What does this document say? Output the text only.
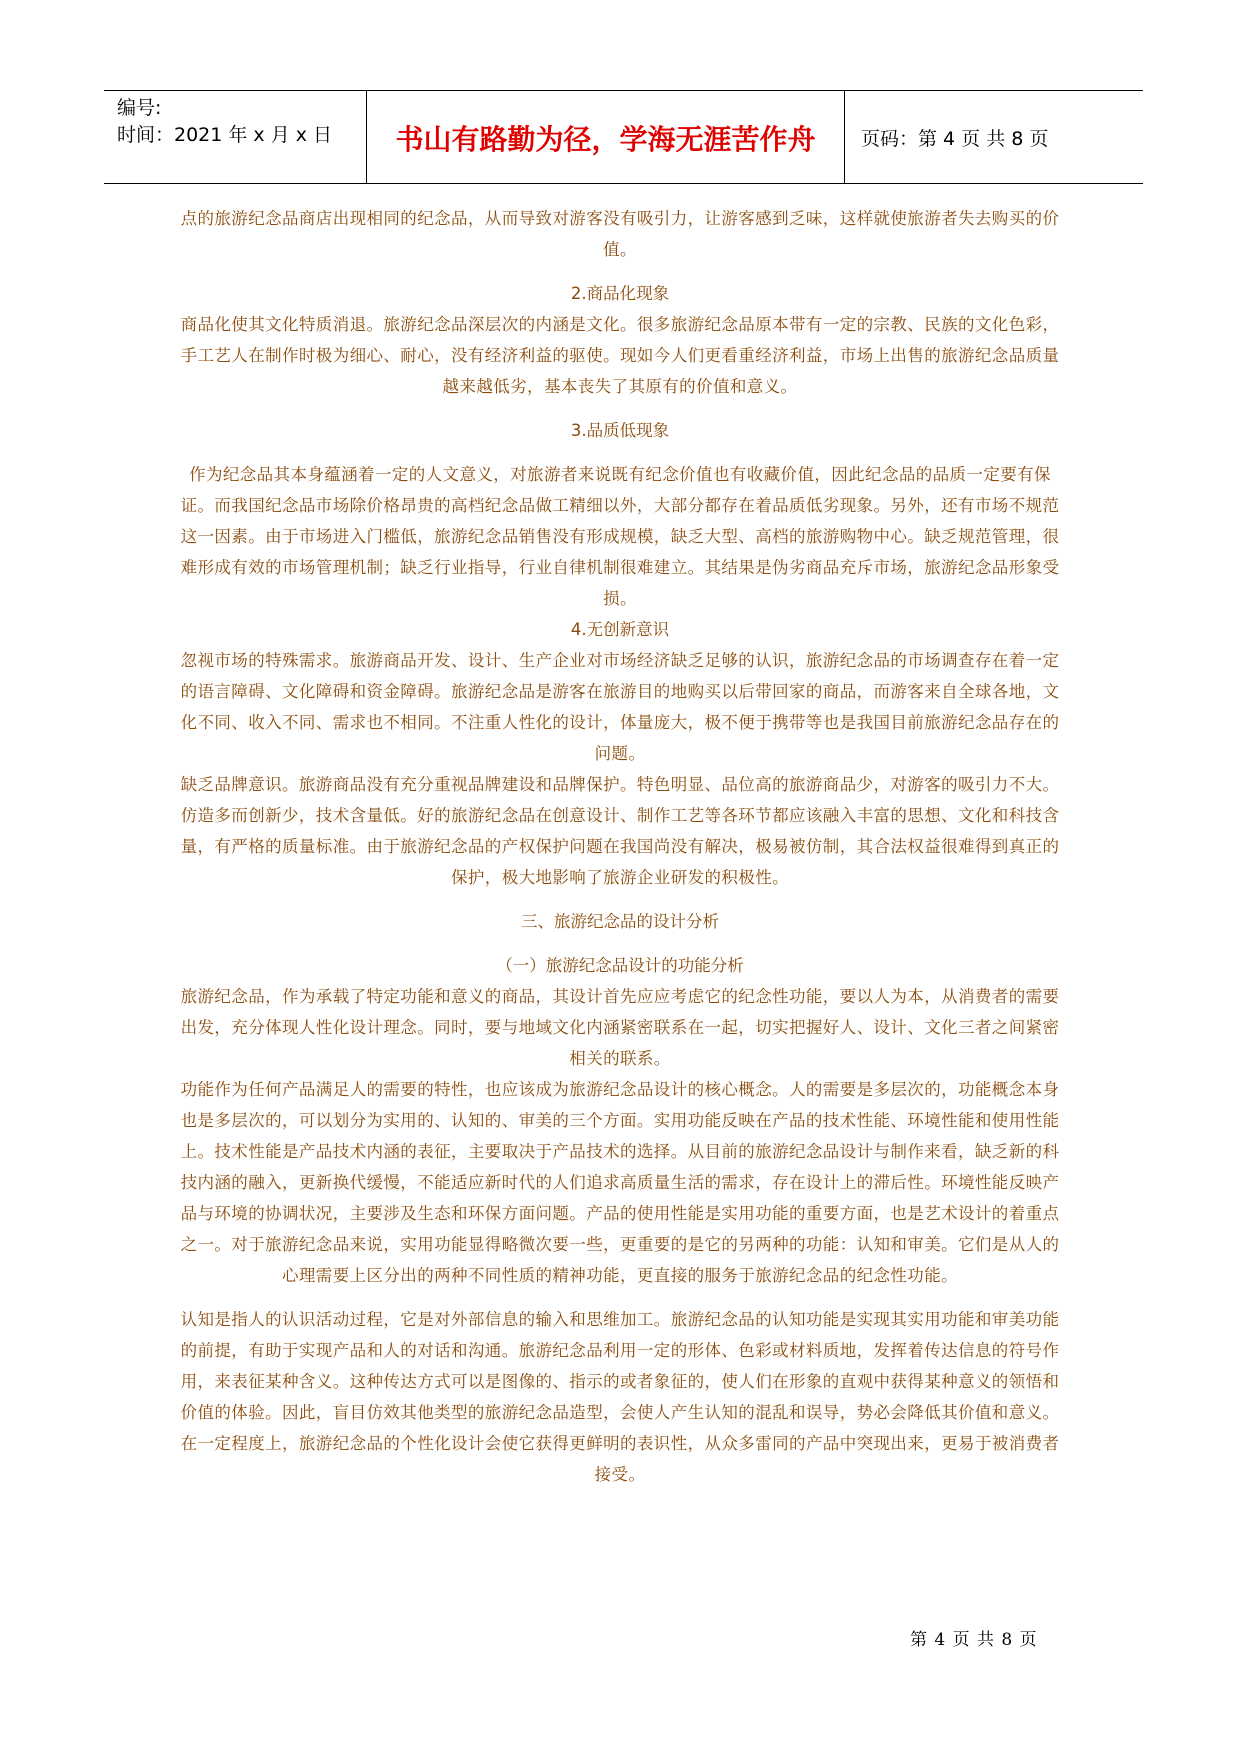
编号:
时间：2021 年 x 月 x 日	书山有路勤为径，学海无涯苦作舟	页码：第 4 页 共 8 页

点的旅游纪念品商店出现相同的纪念品，从而导致对游客没有吸引力，让游客感到乏味，这样就使旅游者失去购买的价值。

2.商品化现象

商品化使其文化特质消退。旅游纪念品深层次的内涵是文化。很多旅游纪念品原本带有一定的宗教、民族的文化色彩，手工艺人在制作时极为细心、耐心，没有经济利益的驱使。现如今人们更看重经济利益，市场上出售的旅游纪念品质量越来越低劣，基本丧失了其原有的价值和意义。

3.品质低现象

作为纪念品其本身蕴涵着一定的人文意义，对旅游者来说既有纪念价值也有收藏价值，因此纪念品的品质一定要有保证。而我国纪念品市场除价格昂贵的高档纪念品做工精细以外，大部分都存在着品质低劣现象。另外，还有市场不规范这一因素。由于市场进入门槛低，旅游纪念品销售没有形成规模，缺乏大型、高档的旅游购物中心。缺乏规范管理，很难形成有效的市场管理机制；缺乏行业指导，行业自律机制很难建立。其结果是伪劣商品充斥市场，旅游纪念品形象受损。

4.无创新意识

忽视市场的特殊需求。旅游商品开发、设计、生产企业对市场经济缺乏足够的认识，旅游纪念品的市场调查存在着一定的语言障碍、文化障碍和资金障碍。旅游纪念品是游客在旅游目的地购买以后带回家的商品，而游客来自全球各地，文化不同、收入不同、需求也不相同。不注重人性化的设计，体量庞大，极不便于携带等也是我国目前旅游纪念品存在的问题。

缺乏品牌意识。旅游商品没有充分重视品牌建设和品牌保护。特色明显、品位高的旅游商品少，对游客的吸引力不大。仿造多而创新少，技术含量低。好的旅游纪念品在创意设计、制作工艺等各环节都应该融入丰富的思想、文化和科技含量，有严格的质量标准。由于旅游纪念品的产权保护问题在我国尚没有解决，极易被仿制，其合法权益很难得到真正的保护，极大地影响了旅游企业研发的积极性。

三、旅游纪念品的设计分析

（一）旅游纪念品设计的功能分析

旅游纪念品，作为承载了特定功能和意义的商品，其设计首先应应考虑它的纪念性功能，要以人为本，从消费者的需要出发，充分体现人性化设计理念。同时，要与地域文化内涵紧密联系在一起，切实把握好人、设计、文化三者之间紧密相关的联系。

功能作为任何产品满足人的需要的特性，也应该成为旅游纪念品设计的核心概念。人的需要是多层次的，功能概念本身也是多层次的，可以划分为实用的、认知的、审美的三个方面。实用功能反映在产品的技术性能、环境性能和使用性能上。技术性能是产品技术内涵的表征，主要取决于产品技术的选择。从目前的旅游纪念品设计与制作来看，缺乏新的科技内涵的融入，更新换代缓慢，不能适应新时代的人们追求高质量生活的需求，存在设计上的滞后性。环境性能反映产品与环境的协调状况，主要涉及生态和环保方面问题。产品的使用性能是实用功能的重要方面，也是艺术设计的着重点之一。对于旅游纪念品来说，实用功能显得略微次要一些，更重要的是它的另两种的功能：认知和审美。它们是从人的心理需要上区分出的两种不同性质的精神功能，更直接的服务于旅游纪念品的纪念性功能。

认知是指人的认识活动过程，它是对外部信息的输入和思维加工。旅游纪念品的认知功能是实现其实用功能和审美功能的前提，有助于实现产品和人的对话和沟通。旅游纪念品利用一定的形体、色彩或材料质地，发挥着传达信息的符号作用，来表征某种含义。这种传达方式可以是图像的、指示的或者象征的，使人们在形象的直观中获得某种意义的领悟和价值的体验。因此，盲目仿效其他类型的旅游纪念品造型，会使人产生认知的混乱和误导，势必会降低其价值和意义。在一定程度上，旅游纪念品的个性化设计会使它获得更鲜明的表识性，从众多雷同的产品中突现出来，更易于被消费者接受。

第 4 页 共 8 页
